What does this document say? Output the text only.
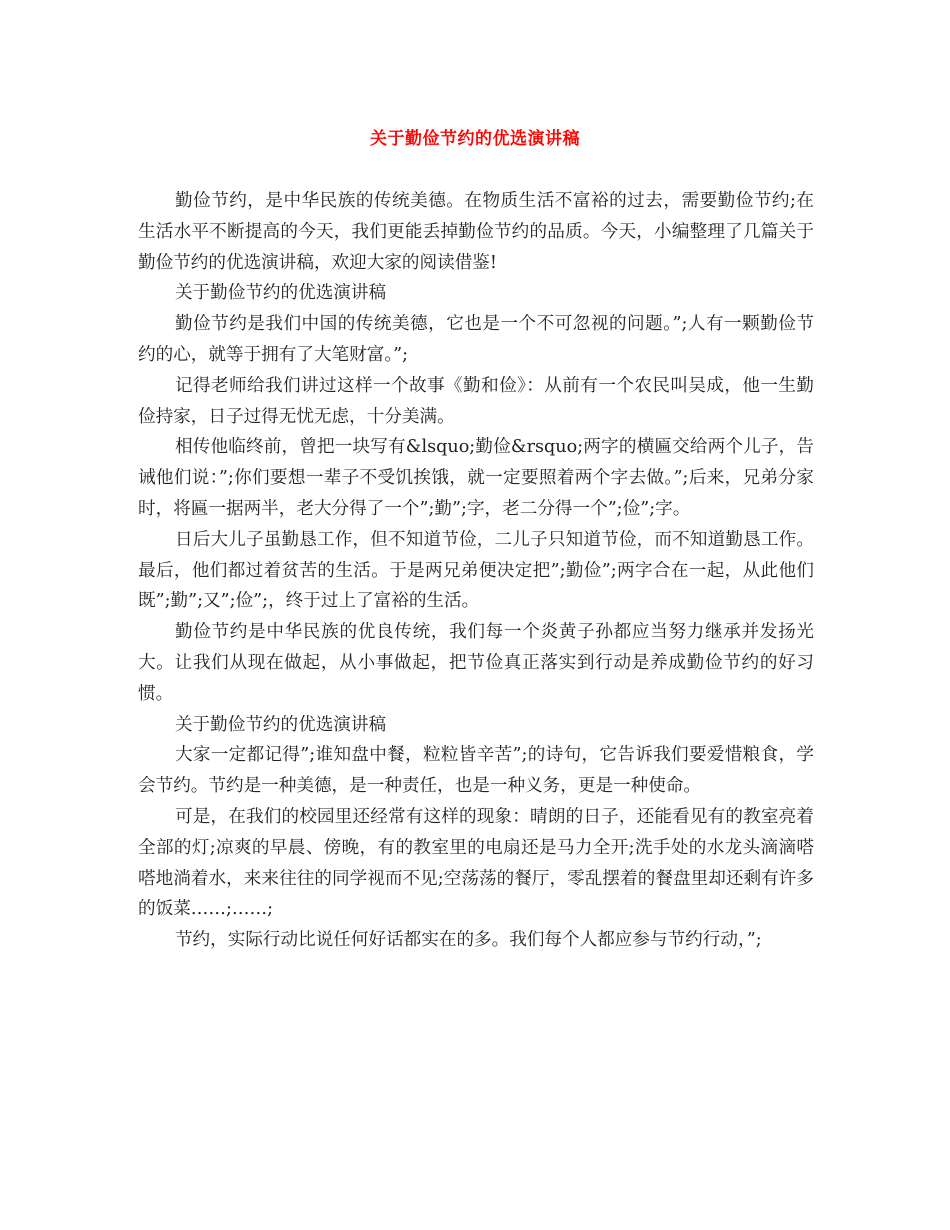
关于勤俭节约的优选演讲稿

勤俭节约，是中华民族的传统美德。在物质生活不富裕的过去，需要勤俭节约;在生活水平不断提高的今天，我们更能丢掉勤俭节约的品质。今天，小编整理了几篇关于勤俭节约的优选演讲稿，欢迎大家的阅读借鉴!

关于勤俭节约的优选演讲稿

勤俭节约是我们中国的传统美德，它也是一个不可忽视的问题。”;人有一颗勤俭节约的心，就等于拥有了大笔财富。”;

记得老师给我们讲过这样一个故事《勤和俭》：从前有一个农民叫吴成，他一生勤俭持家，日子过得无忧无虑，十分美满。

相传他临终前，曾把一块写有&lsquo;勤俭&rsquo;两字的横匾交给两个儿子，告诫他们说：”;你们要想一辈子不受饥挨饿，就一定要照着两个字去做。”;后来，兄弟分家时，将匾一据两半，老大分得了一个”;勤”;字，老二分得一个”;俭”;字。

日后大儿子虽勤恳工作，但不知道节俭，二儿子只知道节俭，而不知道勤恳工作。最后，他们都过着贫苦的生活。于是两兄弟便决定把”;勤俭”;两字合在一起，从此他们既”;勤”;又”;俭”;，终于过上了富裕的生活。

勤俭节约是中华民族的优良传统，我们每一个炎黄子孙都应当努力继承并发扬光大。让我们从现在做起，从小事做起，把节俭真正落实到行动是养成勤俭节约的好习惯。

关于勤俭节约的优选演讲稿

大家一定都记得”;谁知盘中餐，粒粒皆辛苦”;的诗句，它告诉我们要爱惜粮食，学会节约。节约是一种美德，是一种责任，也是一种义务，更是一种使命。

可是，在我们的校园里还经常有这样的现象：晴朗的日子，还能看见有的教室亮着全部的灯;凉爽的早晨、傍晚，有的教室里的电扇还是马力全开;洗手处的水龙头滴滴嗒嗒地淌着水，来来往往的同学视而不见;空荡荡的餐厅，零乱摆着的餐盘里却还剩有许多的饭菜……;……;

节约，实际行动比说任何好话都实在的多。我们每个人都应参与节约行动，”;
